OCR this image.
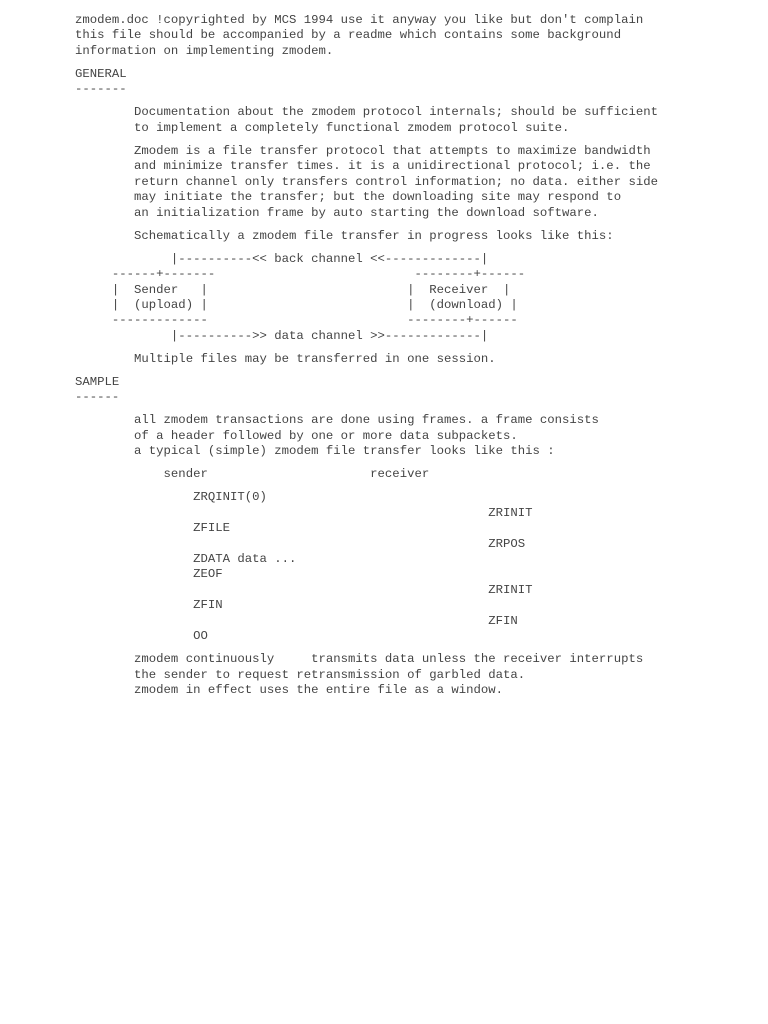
zmodem.doc !copyrighted by MCS 1994 use it anyway you like but don't complain
this file should be accompanied by a readme which contains some background
information on implementing zmodem.
GENERAL
-------
Documentation about the zmodem protocol internals; should be sufficient
to implement a completely functional zmodem protocol suite.
Zmodem is a file transfer protocol that attempts to maximize bandwidth
and minimize transfer times. it is a unidirectional protocol; i.e. the
return channel only transfers control information; no data. either side
may initiate the transfer; but the downloading site may respond to
an initialization frame by auto starting the download software.
Schematically a zmodem file transfer in progress looks like this:
|----------<< back channel <<-------------|
------+-------                           --------+------
|  Sender   |                           |  Receiver  |
|  (upload) |                           |  (download) |
-------------                           --------+------
|---------->> data channel >>-------------|
Multiple files may be transferred in one session.
SAMPLE
------
all zmodem transactions are done using frames. a frame consists
of a header followed by one or more data subpackets.
a typical (simple) zmodem file transfer looks like this :
sender                      receiver
ZRQINIT(0)
ZRINIT
ZFILE
ZRPOS
ZDATA data ...
ZEOF
ZRINIT
ZFIN
ZFIN
OO
zmodem continuously     transmits data unless the receiver interrupts
the sender to request retransmission of garbled data.
zmodem in effect uses the entire file as a window.
